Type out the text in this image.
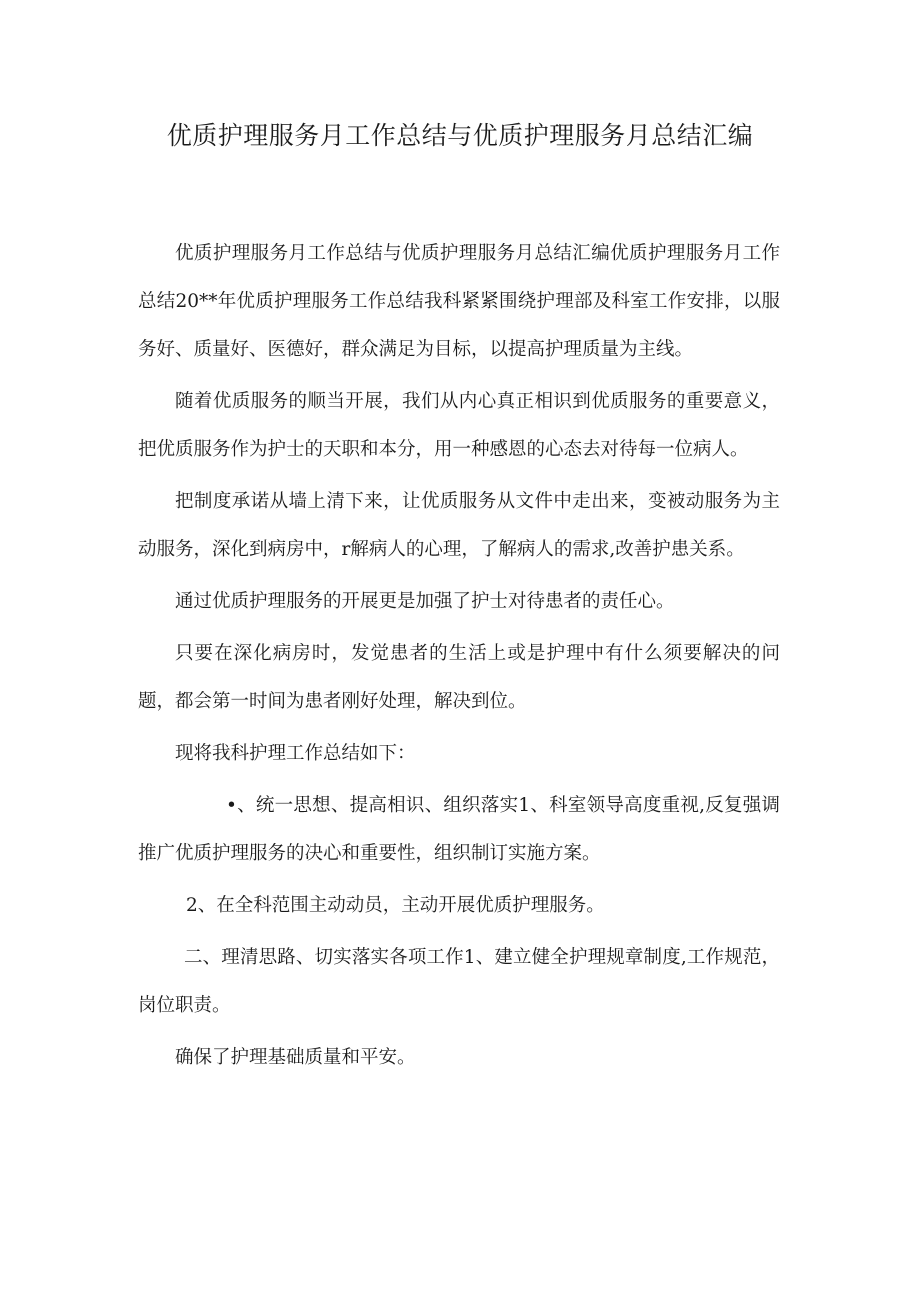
优质护理服务月工作总结与优质护理服务月总结汇编

优质护理服务月工作总结与优质护理服务月总结汇编优质护理服务月工作总结20**年优质护理服务工作总结我科紧紧围绕护理部及科室工作安排，以服务好、质量好、医德好，群众满足为目标，以提高护理质量为主线。

随着优质服务的顺当开展，我们从内心真正相识到优质服务的重要意义，把优质服务作为护士的天职和本分，用一种感恩的心态去对待每一位病人。

把制度承诺从墙上清下来，让优质服务从文件中走出来，变被动服务为主动服务，深化到病房中，r解病人的心理，了解病人的需求,改善护患关系。

通过优质护理服务的开展更是加强了护士对待患者的责任心。

只要在深化病房时，发觉患者的生活上或是护理中有什么须要解决的问题，都会第一时间为患者刚好处理，解决到位。

现将我科护理工作总结如下：

•、统一思想、提高相识、组织落实1、科室领导高度重视,反复强调推广优质护理服务的决心和重要性，组织制订实施方案。

2、在全科范围主动动员，主动开展优质护理服务。

二、理清思路、切实落实各项工作1、建立健全护理规章制度,工作规范，岗位职责。

确保了护理基础质量和平安。
